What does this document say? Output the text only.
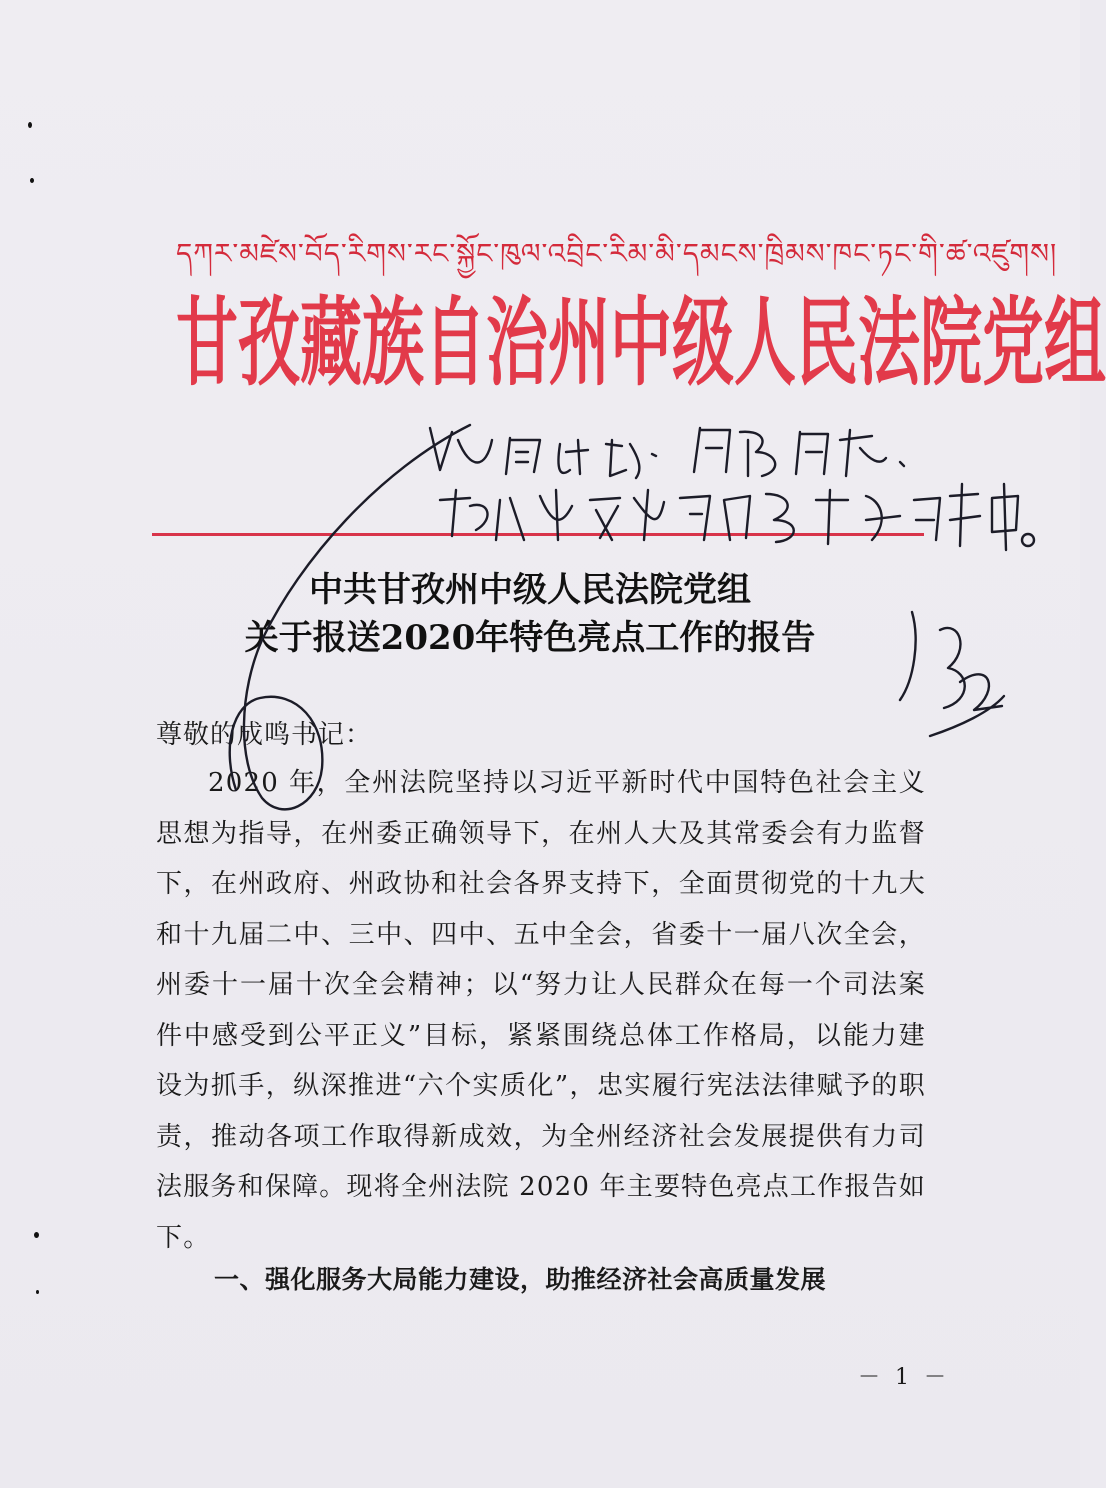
དཀར་མཛེས་བོད་རིགས་རང་སྐྱོང་ཁུལ་འབྲིང་རིམ་མི་དམངས་ཁྲིམས་ཁང་ཏང་གི་ཚ་འཛུགས།
甘孜藏族自治州中级人民法院党组
中共甘孜州中级人民法院党组
关于报送2020年特色亮点工作的报告
尊敬的成鸣书记：
2020 年，全州法院坚持以习近平新时代中国特色社会主义思想为指导，在州委正确领导下，在州人大及其常委会有力监督下，在州政府、州政协和社会各界支持下，全面贯彻党的十九大和十九届二中、三中、四中、五中全会，省委十一届八次全会，州委十一届十次全会精神；以“努力让人民群众在每一个司法案件中感受到公平正义”目标，紧紧围绕总体工作格局，以能力建设为抓手，纵深推进“六个实质化”，忠实履行宪法法律赋予的职责，推动各项工作取得新成效，为全州经济社会发展提供有力司法服务和保障。现将全州法院 2020 年主要特色亮点工作报告如下。
一、强化服务大局能力建设，助推经济社会高质量发展
－ 1 －
